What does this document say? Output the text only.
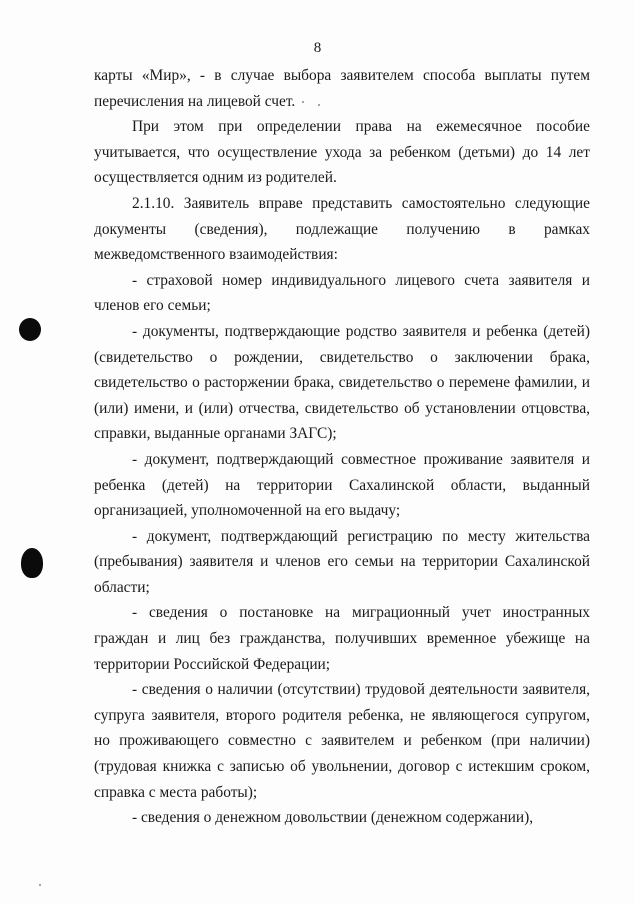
8

карты «Мир», - в случае выбора заявителем способа выплаты путем перечисления на лицевой счет.

При этом при определении права на ежемесячное пособие учитывается, что осуществление ухода за ребенком (детьми) до 14 лет осуществляется одним из родителей.

2.1.10. Заявитель вправе представить самостоятельно следующие документы (сведения), подлежащие получению в рамках межведомственного взаимодействия:

- страховой номер индивидуального лицевого счета заявителя и членов его семьи;

- документы, подтверждающие родство заявителя и ребенка (детей) (свидетельство о рождении, свидетельство о заключении брака, свидетельство о расторжении брака, свидетельство о перемене фамилии, и (или) имени, и (или) отчества, свидетельство об установлении отцовства, справки, выданные органами ЗАГС);

- документ, подтверждающий совместное проживание заявителя и ребенка (детей) на территории Сахалинской области, выданный организацией, уполномоченной на его выдачу;

- документ, подтверждающий регистрацию по месту жительства (пребывания) заявителя и членов его семьи на территории Сахалинской области;

- сведения о постановке на миграционный учет иностранных граждан и лиц без гражданства, получивших временное убежище на территории Российской Федерации;

- сведения о наличии (отсутствии) трудовой деятельности заявителя, супруга заявителя, второго родителя ребенка, не являющегося супругом, но проживающего совместно с заявителем и ребенком (при наличии) (трудовая книжка с записью об увольнении, договор с истекшим сроком, справка с места работы);

- сведения о денежном довольствии (денежном содержании),
